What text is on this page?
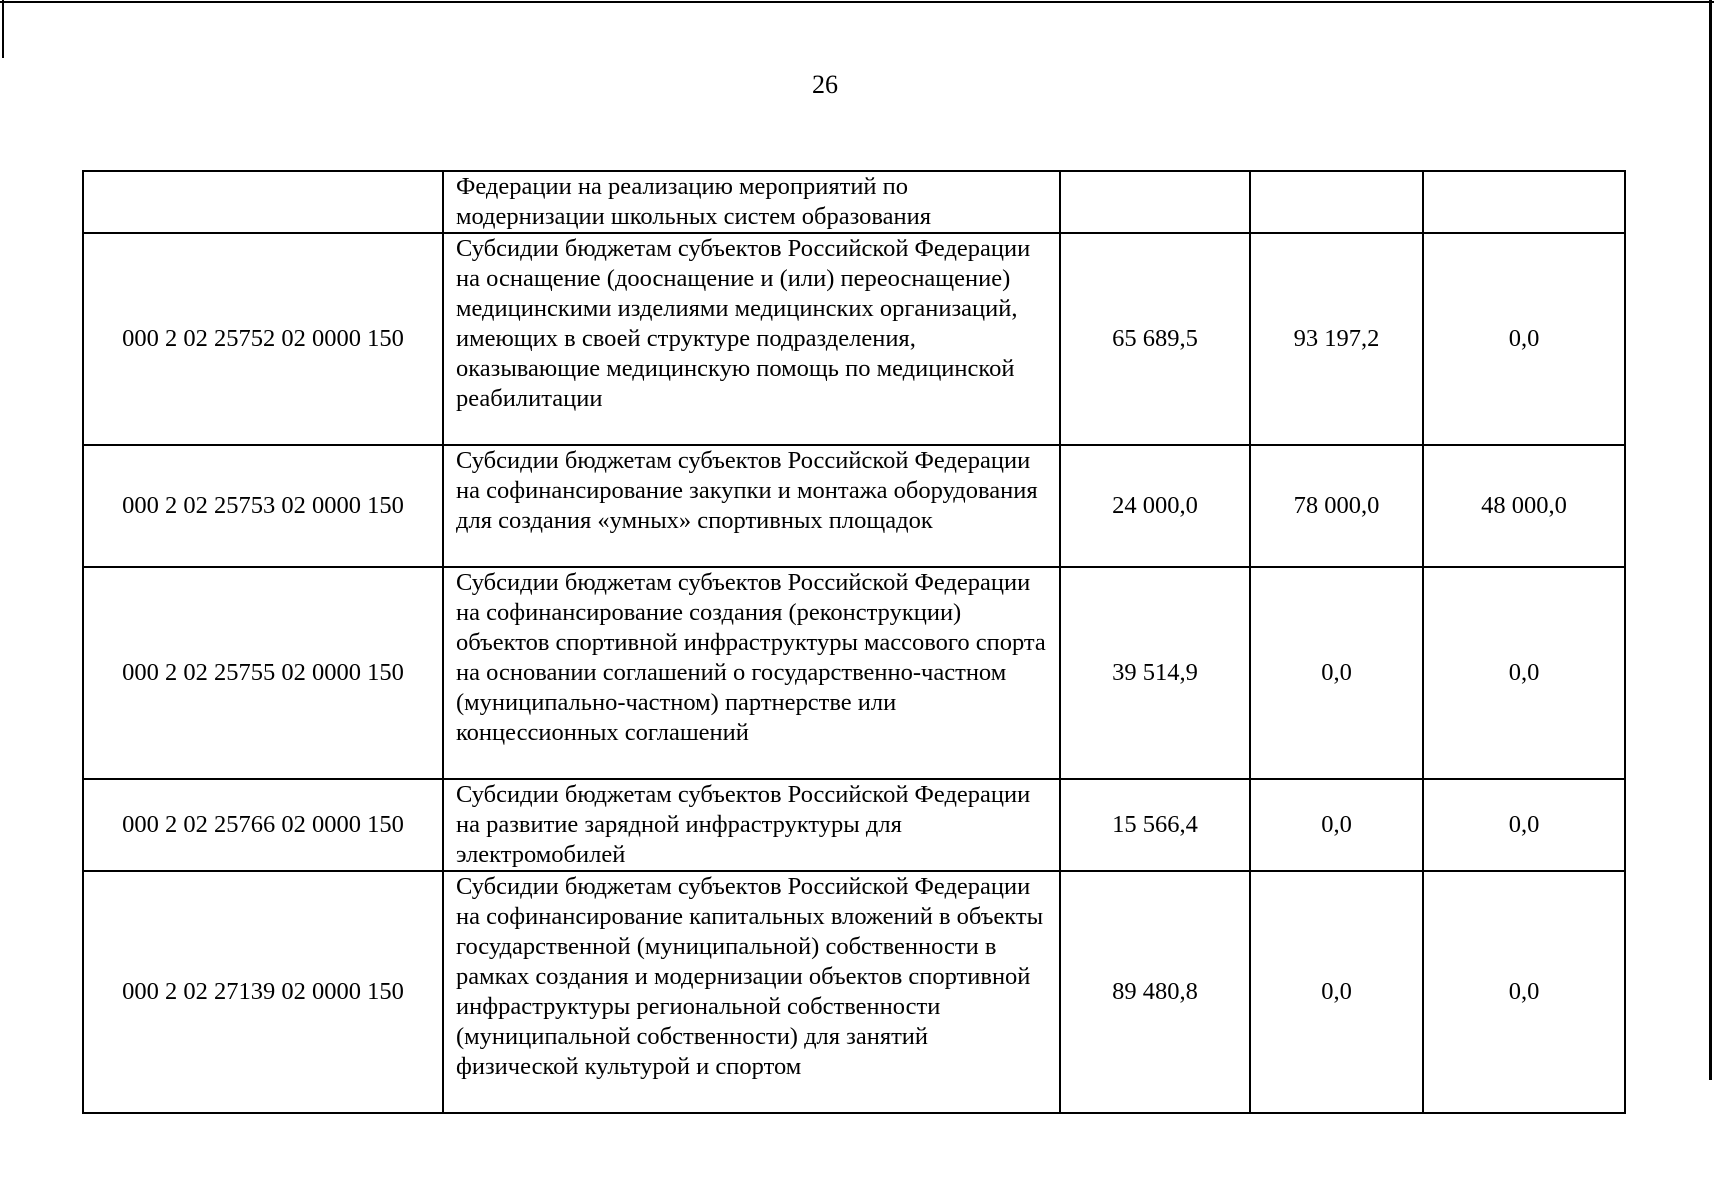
26
	Федерации на реализацию мероприятий по модернизации школьных систем образования			
000 2 02 25752 02 0000 150	Субсидии бюджетам субъектов Российской Федерации на оснащение (дооснащение и (или) переоснащение) медицинскими изделиями медицинских организаций, имеющих в своей структуре подразделения, оказывающие медицинскую помощь по медицинской реабилитации	65 689,5	93 197,2	0,0
000 2 02 25753 02 0000 150	Субсидии бюджетам субъектов Российской Федерации на софинансирование закупки и монтажа оборудования для создания «умных» спортивных площадок	24 000,0	78 000,0	48 000,0
000 2 02 25755 02 0000 150	Субсидии бюджетам субъектов Российской Федерации на софинансирование создания (реконструкции) объектов спортивной инфраструктуры массового спорта на основании соглашений о государственно-частном (муниципально-частном) партнерстве или концессионных соглашений	39 514,9	0,0	0,0
000 2 02 25766 02 0000 150	Субсидии бюджетам субъектов Российской Федерации на развитие зарядной инфраструктуры для электромобилей	15 566,4	0,0	0,0
000 2 02 27139 02 0000 150	Субсидии бюджетам субъектов Российской Федерации на софинансирование капитальных вложений в объекты государственной (муниципальной) собственности в рамках создания и модернизации объектов спортивной инфраструктуры региональной собственности (муниципальной собственности) для занятий физической культурой и спортом	89 480,8	0,0	0,0
